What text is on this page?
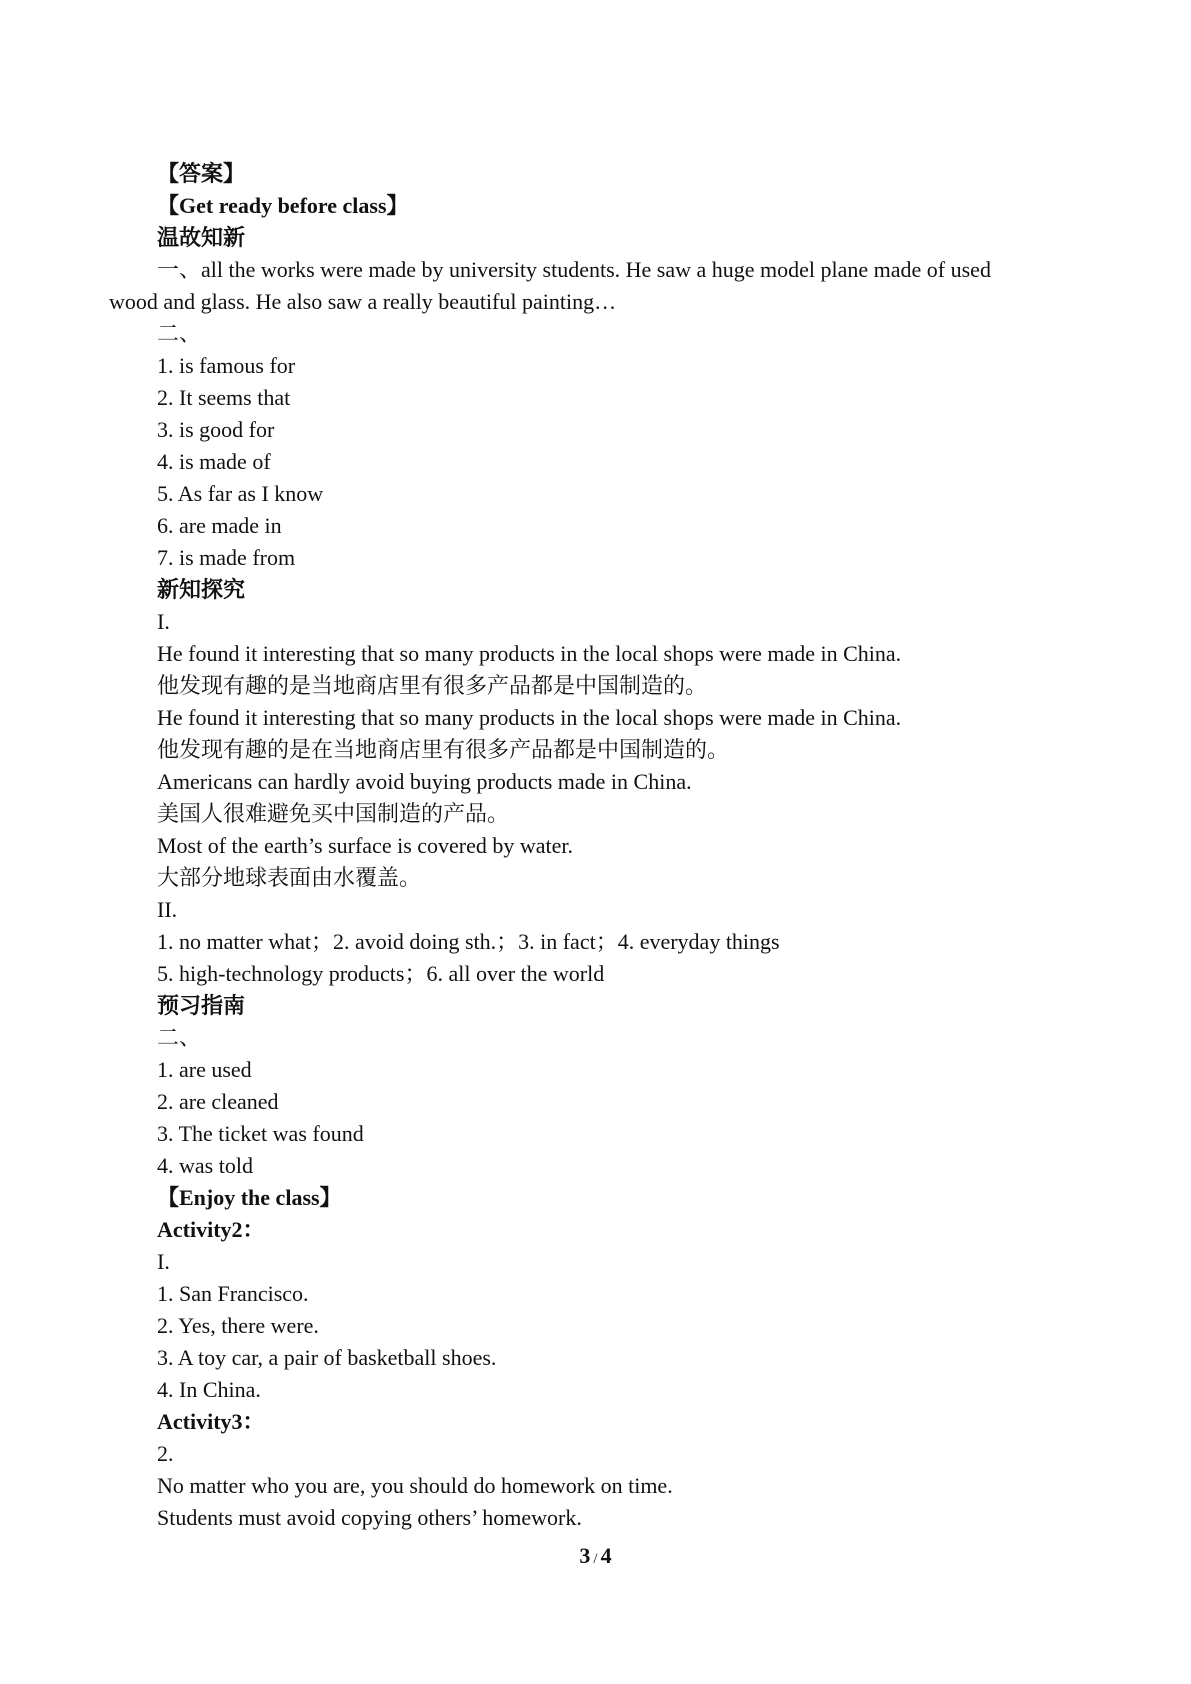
【答案】
【Get ready before class】
温故知新
一、all the works were made by university students. He saw a huge model plane made of used
wood and glass. He also saw a really beautiful painting…
二、
1. is famous for
2. It seems that
3. is good for
4. is made of
5. As far as I know
6. are made in
7. is made from
新知探究
I.
He found it interesting that so many products in the local shops were made in China.
他发现有趣的是当地商店里有很多产品都是中国制造的。
He found it interesting that so many products in the local shops were made in China.
他发现有趣的是在当地商店里有很多产品都是中国制造的。
Americans can hardly avoid buying products made in China.
美国人很难避免买中国制造的产品。
Most of the earth’s surface is covered by water.
大部分地球表面由水覆盖。
II.
1. no matter what；2. avoid doing sth.；3. in fact；4. everyday things
5. high-technology products；6. all over the world
预习指南
二、
1. are used
2. are cleaned
3. The ticket was found
4. was told
【Enjoy the class】
Activity2：
I.
1. San Francisco.
2. Yes, there were.
3. A toy car, a pair of basketball shoes.
4. In China.
Activity3：
2.
No matter who you are, you should do homework on time.
Students must avoid copying others’ homework.
3 / 4
